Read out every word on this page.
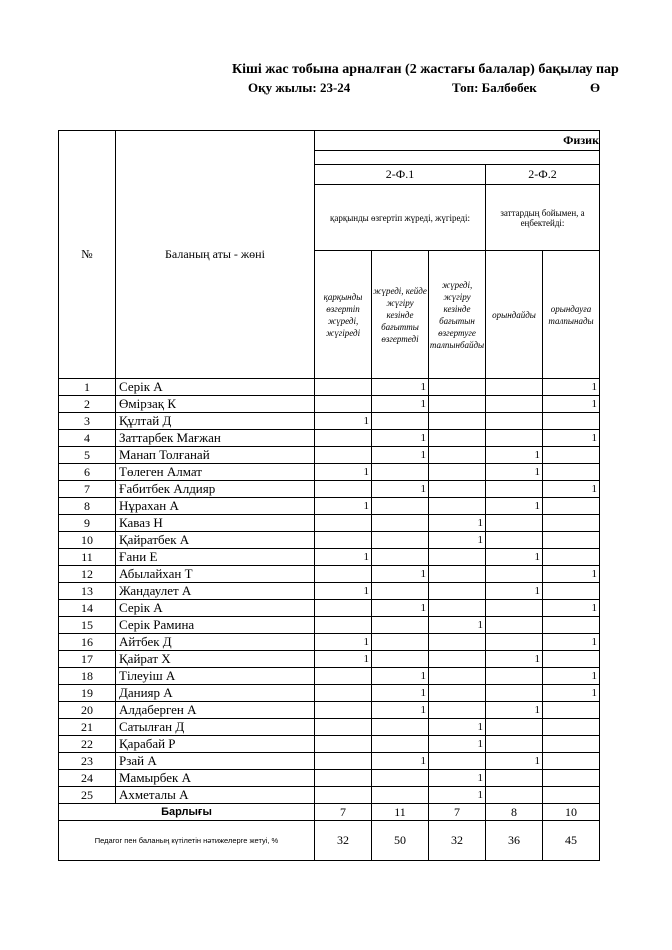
Кіші жас тобына арналған (2 жастағы балалар) бақылау пар
Оқу жылы: 23-24	Топ: Балбөбек	Ө
№	Баланың аты - жөні	Физик				

		2-Ф.1			2-Ф.2	
		қарқынды өзгертіп жүреді, жүгіреді:			заттардың бойымен, а еңбектейді:	
		қарқынды өзгертіп жүреді, жүгіреді	жүреді, кейде жүгіру кезінде бағытты өзгертеді	жүреді, жүгіру кезінде бағытын өзгертуге талпынбайды	орындайды	орындауға талпынады
1	Серік А		1			1
2	Өмірзақ К		1			1
3	Құлтай Д	1				
4	Заттарбек Мағжан		1			1
5	Манап Толғанай		1		1	
6	Төлеген Алмат	1			1	
7	Ғабитбек Алдияр		1			1
8	Нұрахан А	1			1	
9	Каваз Н			1		
10	Қайратбек А			1		
11	Ғани Е	1			1	
12	Абылайхан Т		1			1
13	Жандаулет А	1			1	
14	Серік А		1			1
15	Серік Рамина			1		
16	Айтбек Д	1				1
17	Қайрат Х	1			1	
18	Тілеуіш А		1			1
19	Данияр А		1			1
20	Алдаберген А		1		1	
21	Сатылған Д			1		
22	Қарабай Р			1		
23	Рзай А		1		1	
24	Мамырбек А			1		
25	Ахметалы А			1		
Барлығы		7	11	7	8	10
Педагог пен баланың күтілетін нәтижелерге жетуі, %		32	50	32	36	45
